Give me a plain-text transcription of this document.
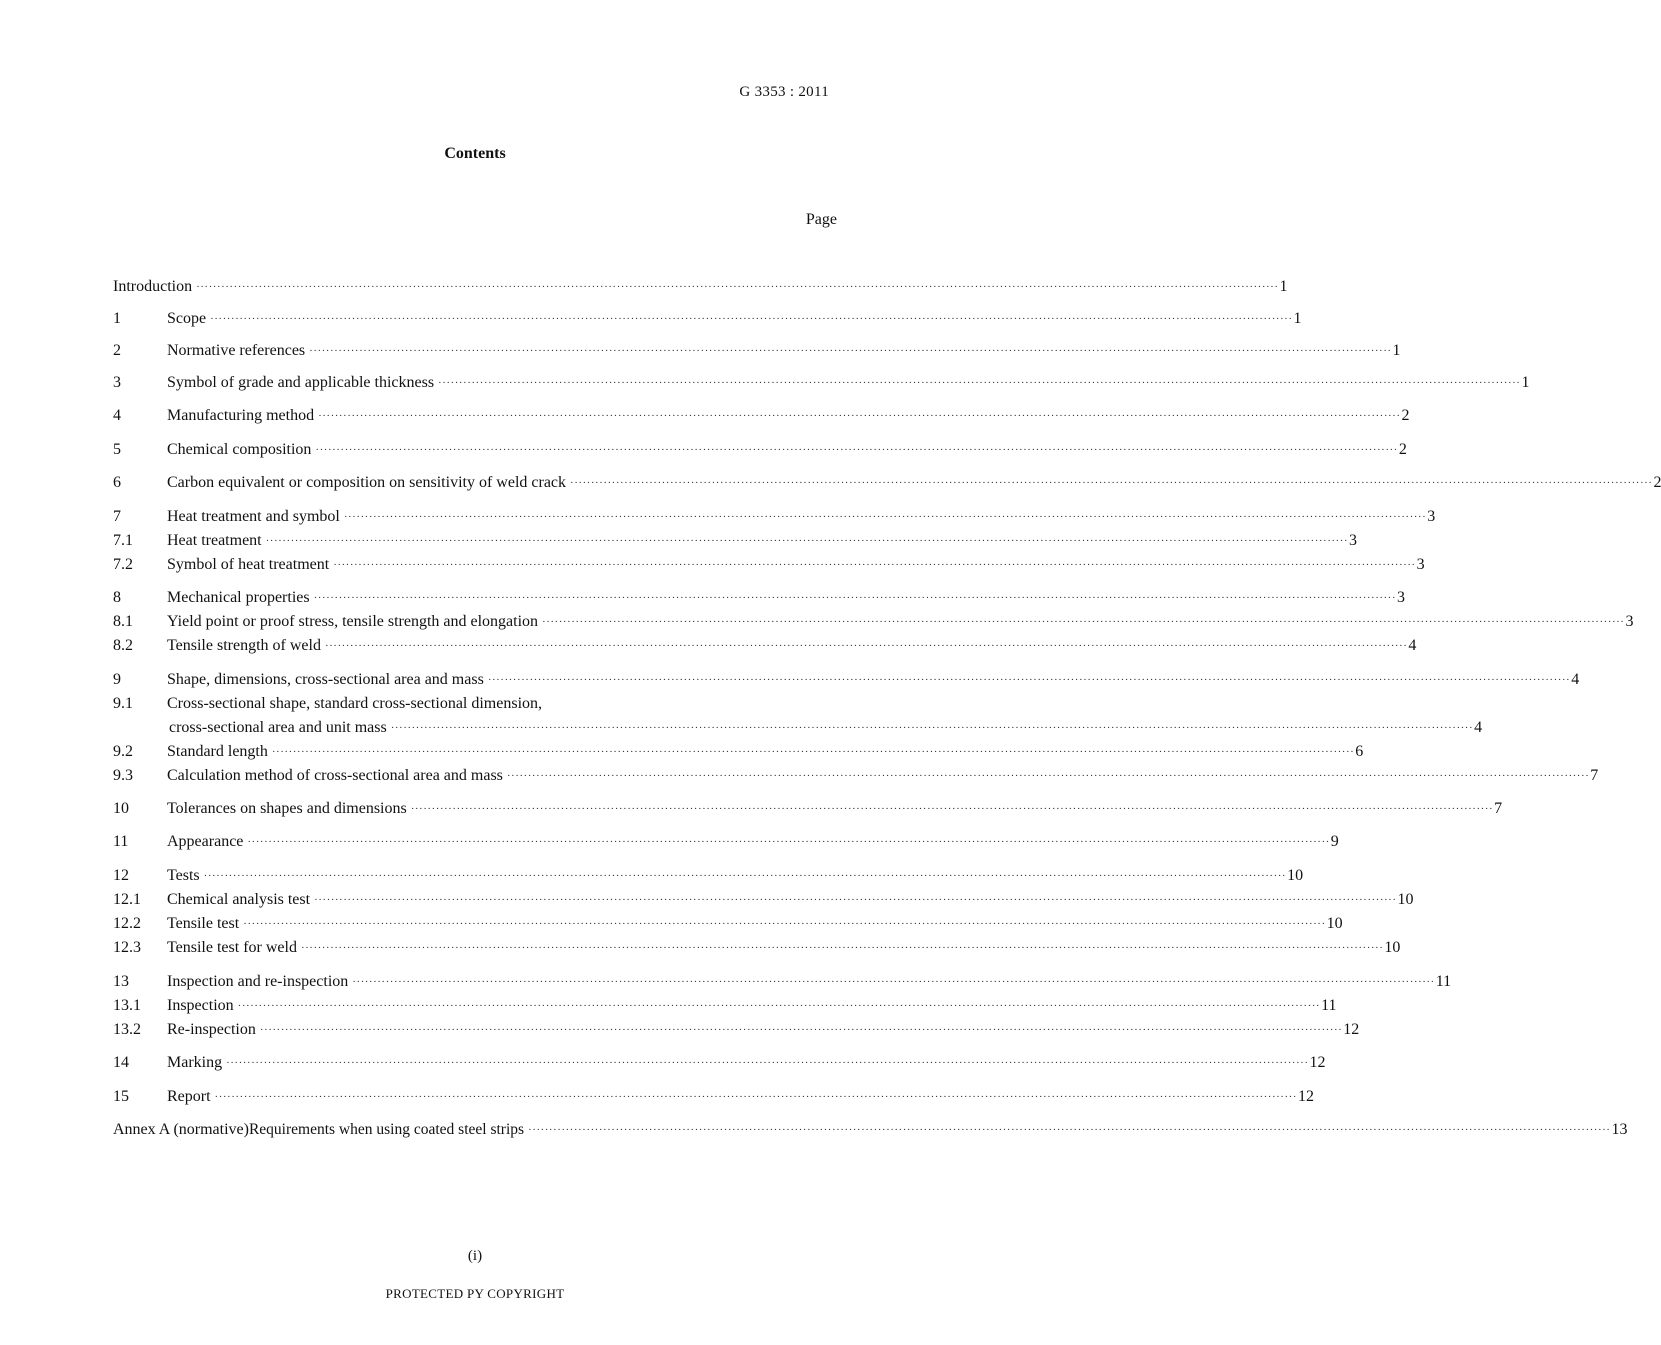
G 3353 : 2011
Contents
Page
Introduction ···································································································································································································································································· 1
1	Scope ···································································································································································································································································· 1
2	Normative references ···································································································································································································································································· 1
3	Symbol of grade and applicable thickness ···································································································································································································································································· 1
4	Manufacturing method ···································································································································································································································································· 2
5	Chemical composition ···································································································································································································································································· 2
6	Carbon equivalent or composition on sensitivity of weld crack ···································································································································································································································································· 2
7	Heat treatment and symbol ···································································································································································································································································· 3
7.1 Heat treatment ···································································································································································································································································· 3
7.2 Symbol of heat treatment ···································································································································································································································································· 3
8	Mechanical properties ···································································································································································································································································· 3
8.1 Yield point or proof stress, tensile strength and elongation ···································································································································································································································································· 3
8.2 Tensile strength of weld ···································································································································································································································································· 4
9	Shape, dimensions, cross-sectional area and mass ···································································································································································································································································· 4
9.1 Cross-sectional shape, standard cross-sectional dimension,
cross-sectional area and unit mass ···································································································································································································································································· 4
9.2 Standard length ···································································································································································································································································· 6
9.3 Calculation method of cross-sectional area and mass ···································································································································································································································································· 7
10 Tolerances on shapes and dimensions ···································································································································································································································································· 7
11 Appearance ···································································································································································································································································· 9
12 Tests ···································································································································································································································································· 10
12.1 Chemical analysis test ···································································································································································································································································· 10
12.2 Tensile test ···································································································································································································································································· 10
12.3 Tensile test for weld ···································································································································································································································································· 10
13 Inspection and re-inspection ···································································································································································································································································· 11
13.1 Inspection ···································································································································································································································································· 11
13.2 Re-inspection ···································································································································································································································································· 12
14 Marking ···································································································································································································································································· 12
15 Report ···································································································································································································································································· 12
Annex A (normative) Requirements when using coated steel strips ···································································································································································································································································· 13
(i)
PROTECTED PY COPYRIGHT
